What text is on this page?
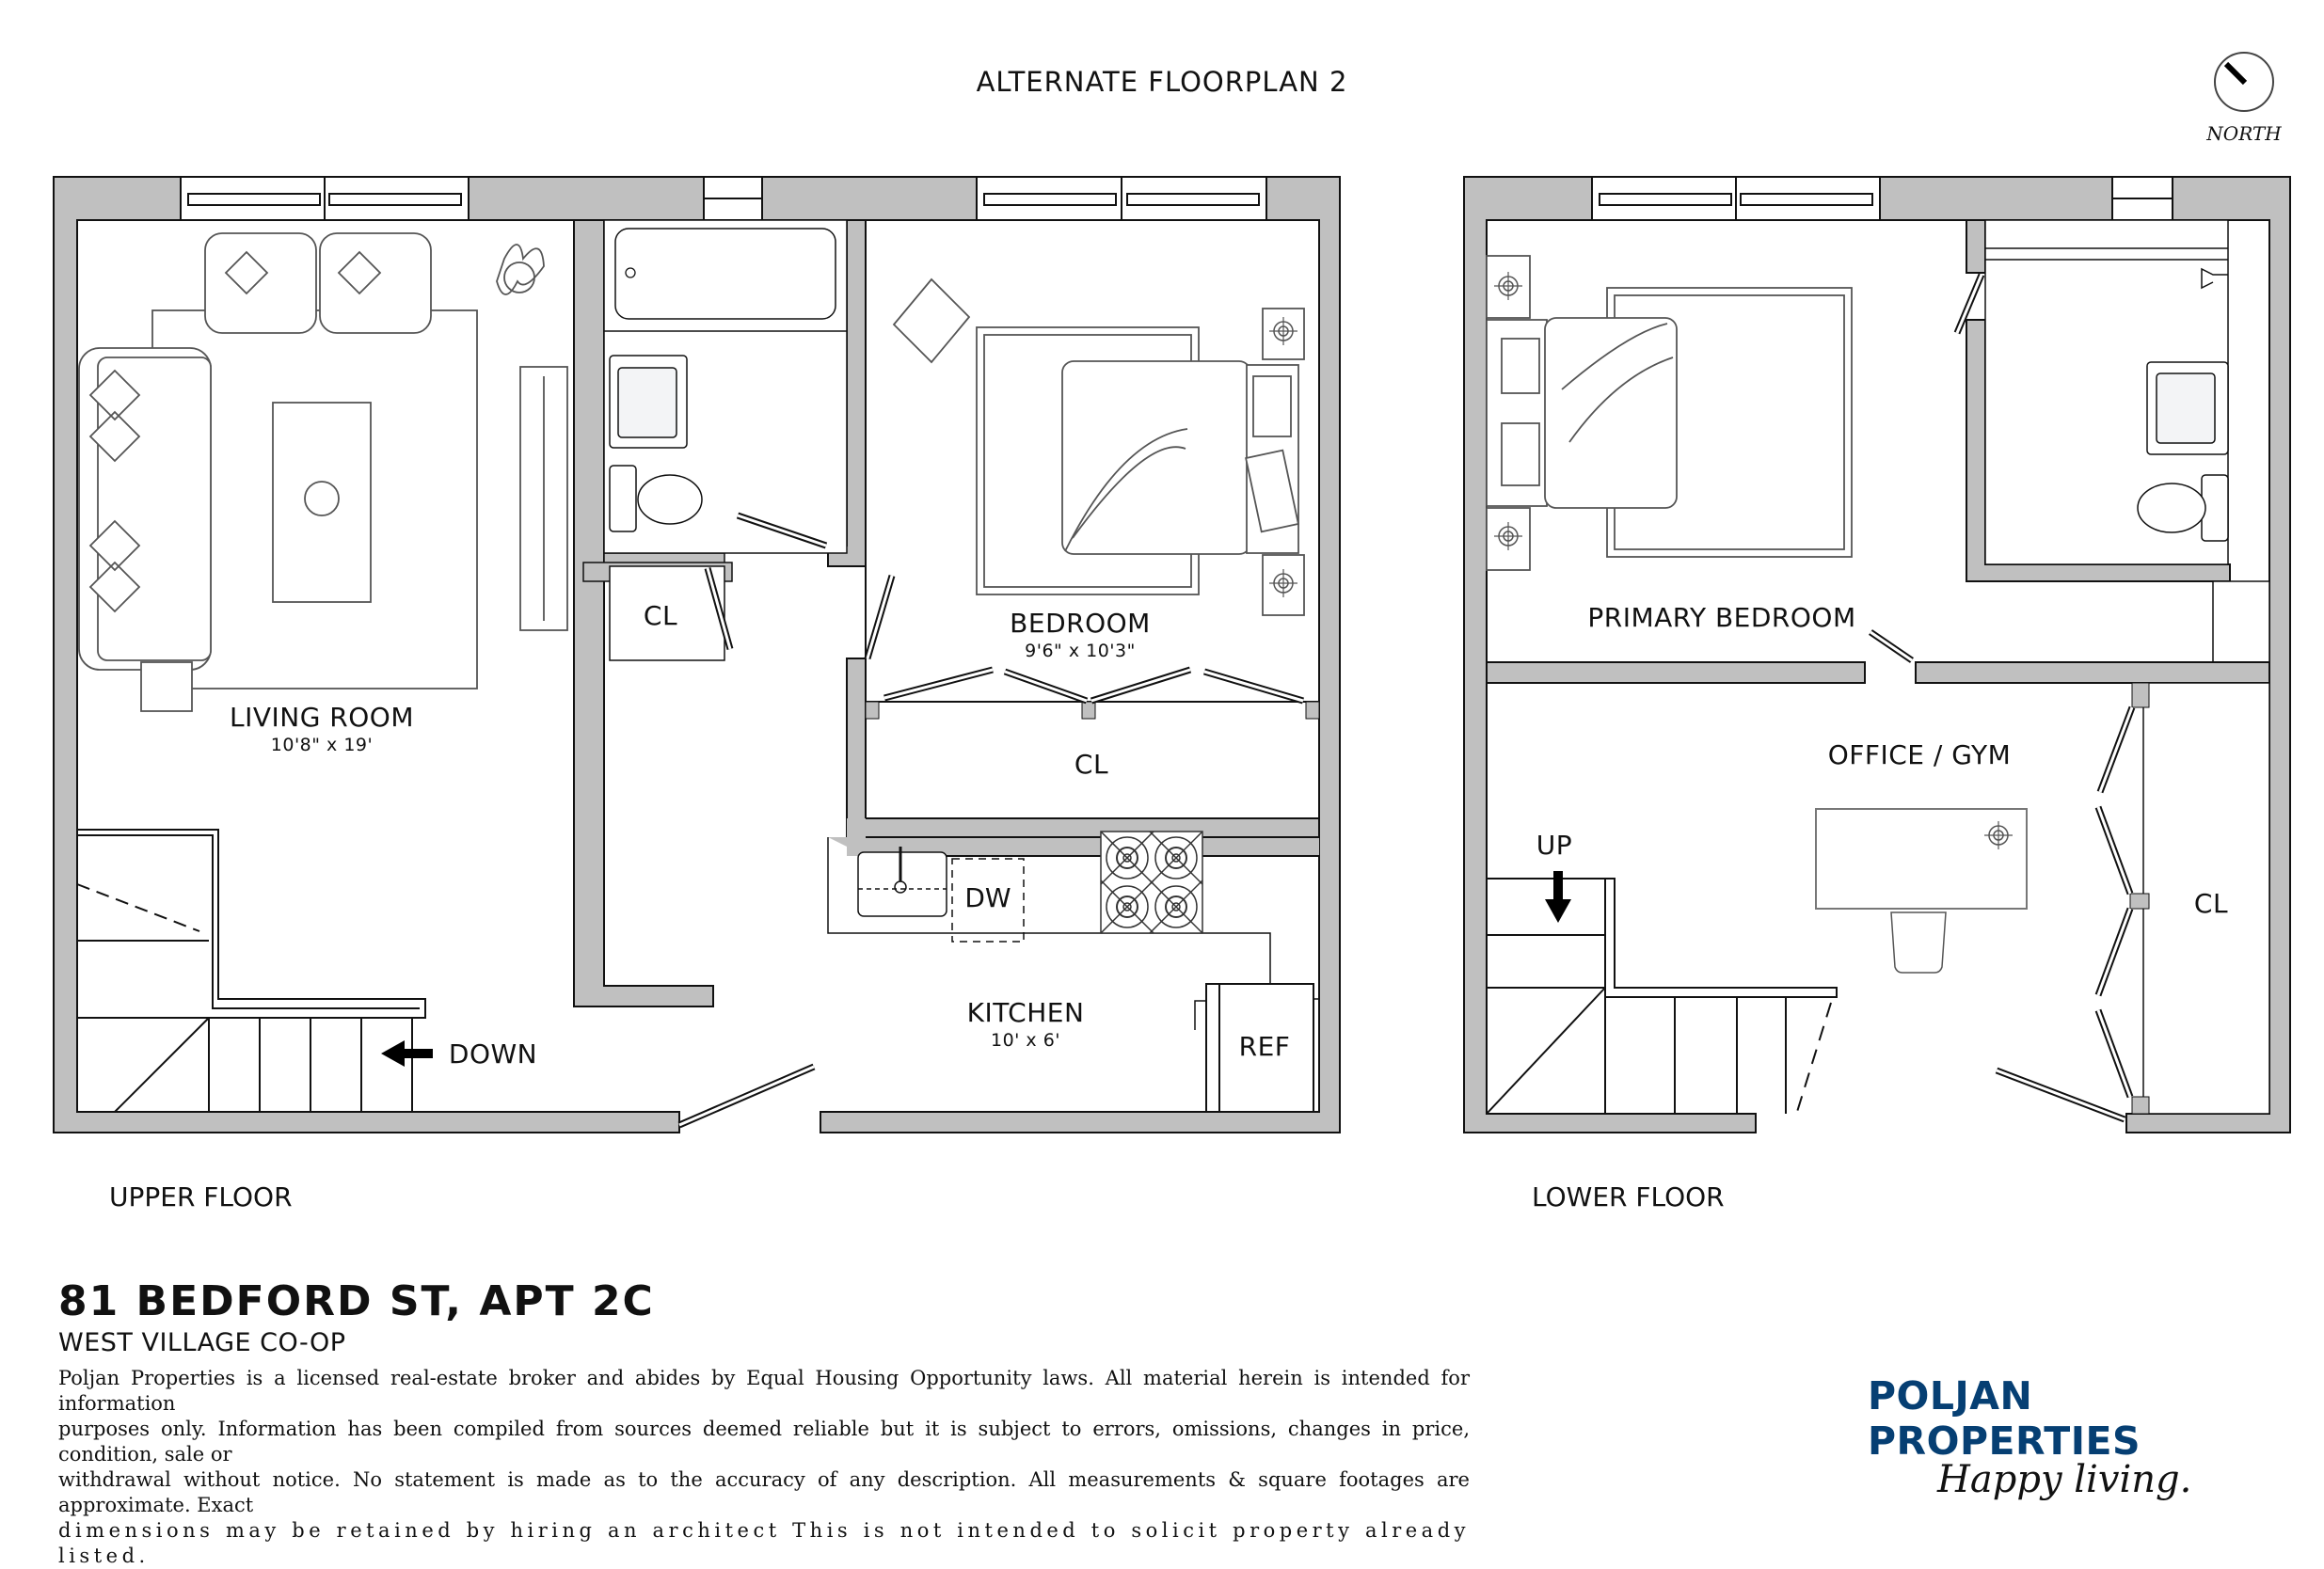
ALTERNATE FLOORPLAN 2
NORTH
DW
LIVING ROOM
10'8" x 19'
BEDROOM
9'6" x 10'3"
KITCHEN
10' x 6'
CL
CL
REF
DOWN
PRIMARY BEDROOM
OFFICE / GYM
CL
UP
UPPER FLOOR	LOWER FLOOR
81 BEDFORD ST, APT 2C
WEST VILLAGE CO-OP
Poljan Properties is a licensed real-estate broker and abides by Equal Housing Opportunity laws. All material herein is intended for information
purposes only. Information has been compiled from sources deemed reliable but it is subject to errors, omissions, changes in price, condition, sale or
withdrawal without notice. No statement is made as to the accuracy of any description. All measurements & square footages are approximate. Exact
dimensions may be retained by hiring an architect This is not intended to solicit property already listed.
POLJAN PROPERTIES
Happy living.
